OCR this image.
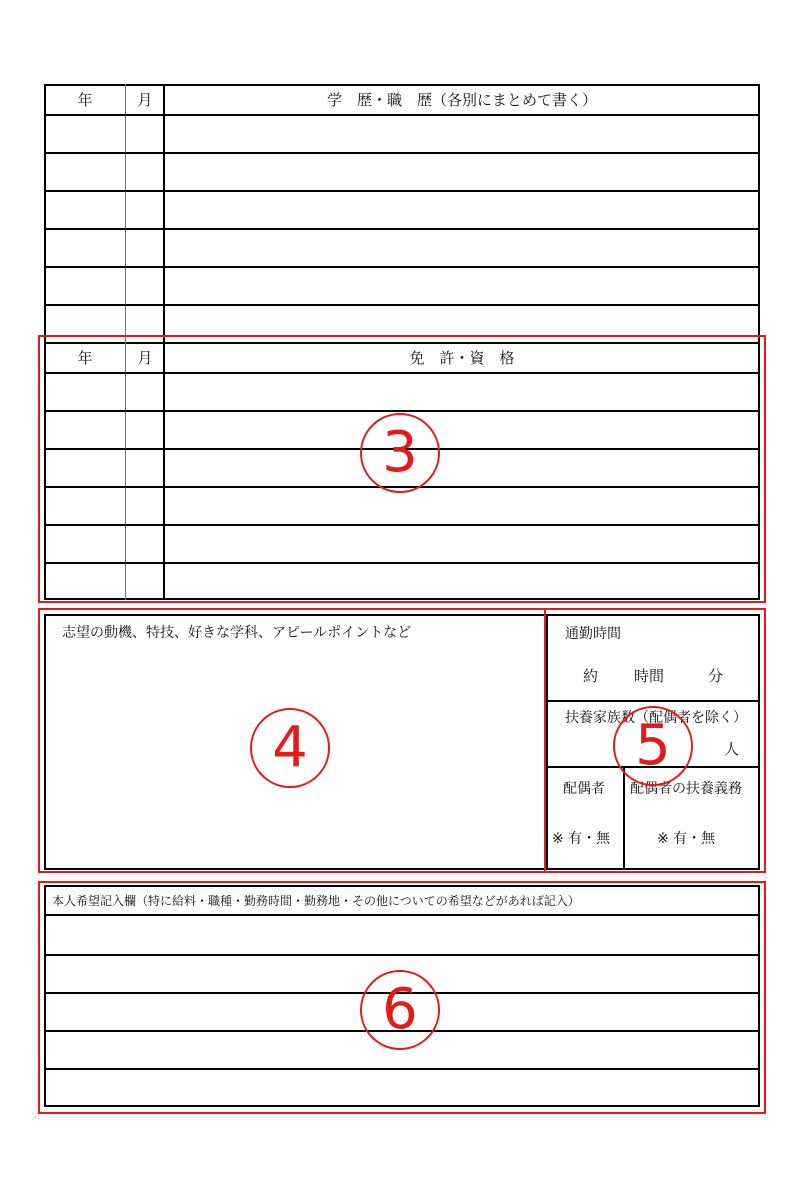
年	月	学　歴・職　歴（各別にまとめて書く）
年	月	免　許・資　格
志望の動機、特技、好きな学科、アピールポイントなど	通勤時間
約 時間	分
扶養家族数（配偶者を除く）
人
配偶者
※ 有・無
配偶者の扶養義務
※ 有・無
本人希望記入欄（特に給料・職種・勤務時間・勤務地・その他についての希望などがあれば記入）
3
4	5
6
